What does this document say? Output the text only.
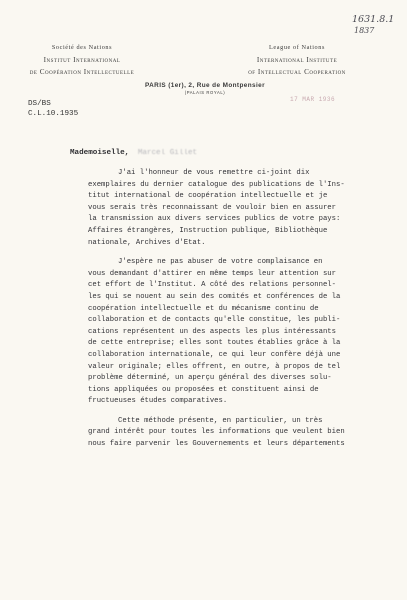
Société des Nations
Institut International
de Coopération Intellectuelle
League of Nations
International Institute
of Intellectual Cooperation
PARIS (1er), 2, Rue de Montpensier
(PALAIS ROYAL)
1631.8.1
1837
17 MAR 1936
DS/BS
C.L.10.1935
Mademoiselle, Marcel Gillet
J'ai l'honneur de vous remettre ci-joint dix
exemplaires du dernier catalogue des publications de l'Ins-
titut international de coopération intellectuelle et je
vous serais très reconnaissant de vouloir bien en assurer
la transmission aux divers services publics de votre pays:
Affaires étrangères, Instruction publique, Bibliothèque
nationale, Archives d'Etat.
J'espère ne pas abuser de votre complaisance en
vous demandant d'attirer en même temps leur attention sur
cet effort de l'Institut. A côté des relations personnel-
les qui se nouent au sein des comités et conférences de la
coopération intellectuelle et du mécanisme continu de
collaboration et de contacts qu'elle constitue, les publi-
cations représentent un des aspects les plus intéressants
de cette entreprise; elles sont toutes établies grâce à la
collaboration internationale, ce qui leur confère déjà une
valeur originale; elles offrent, en outre, à propos de tel
problème déterminé, un aperçu général des diverses solu-
tions appliquées ou proposées et constituent ainsi de
fructueuses études comparatives.
Cette méthode présente, en particulier, un très
grand intérêt pour toutes les informations que veulent bien
nous faire parvenir les Gouvernements et leurs départements
